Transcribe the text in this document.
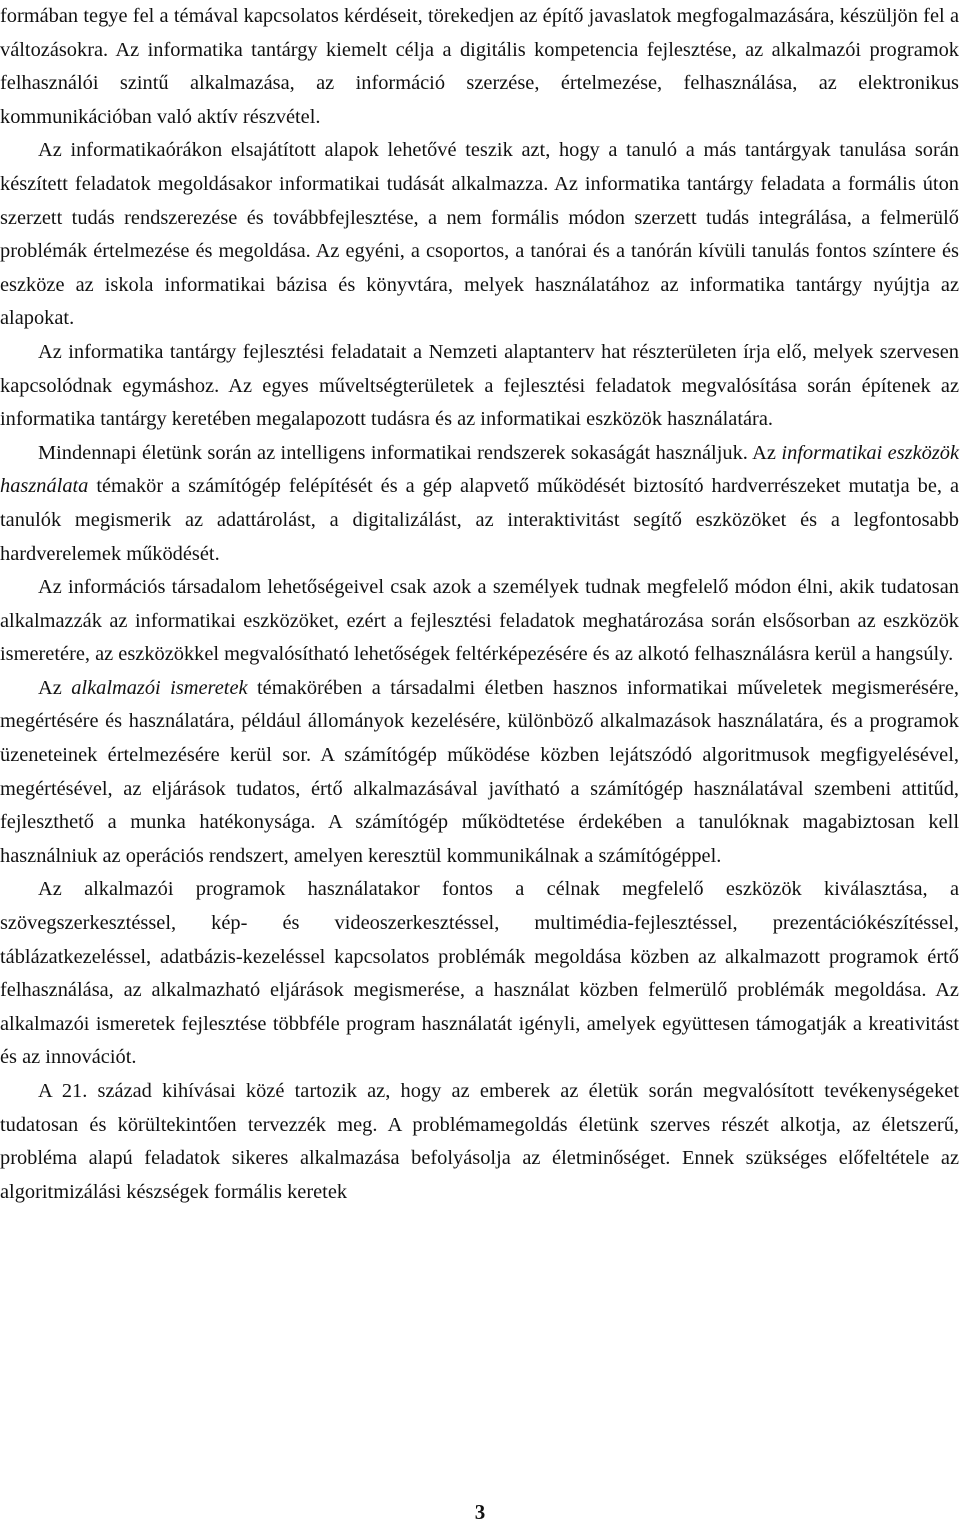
formában tegye fel a témával kapcsolatos kérdéseit, törekedjen az építő javaslatok megfogalmazására, készüljön fel a változásokra. Az informatika tantárgy kiemelt célja a digitális kompetencia fejlesztése, az alkalmazói programok felhasználói szintű alkalmazása, az információ szerzése, értelmezése, felhasználása, az elektronikus kommunikációban való aktív részvétel.

Az informatikaórákon elsajátított alapok lehetővé teszik azt, hogy a tanuló a más tantárgyak tanulása során készített feladatok megoldásakor informatikai tudását alkalmazza. Az informatika tantárgy feladata a formális úton szerzett tudás rendszerezése és továbbfejlesztése, a nem formális módon szerzett tudás integrálása, a felmerülő problémák értelmezése és megoldása. Az egyéni, a csoportos, a tanórai és a tanórán kívüli tanulás fontos színtere és eszköze az iskola informatikai bázisa és könyvtára, melyek használatához az informatika tantárgy nyújtja az alapokat.

Az informatika tantárgy fejlesztési feladatait a Nemzeti alaptanterv hat részterületen írja elő, melyek szervesen kapcsolódnak egymáshoz. Az egyes műveltségterületek a fejlesztési feladatok megvalósítása során építenek az informatika tantárgy keretében megalapozott tudásra és az informatikai eszközök használatára.

Mindennapi életünk során az intelligens informatikai rendszerek sokaságát használjuk. Az informatikai eszközök használata témakör a számítógép felépítését és a gép alapvető működését biztosító hardverrészeket mutatja be, a tanulók megismerik az adattárolást, a digitalizálást, az interaktivitást segítő eszközöket és a legfontosabb hardverelemek működését.

Az információs társadalom lehetőségeivel csak azok a személyek tudnak megfelelő módon élni, akik tudatosan alkalmazzák az informatikai eszközöket, ezért a fejlesztési feladatok meghatározása során elsősorban az eszközök ismeretére, az eszközökkel megvalósítható lehetőségek feltérképezésére és az alkotó felhasználásra kerül a hangsúly.

Az alkalmazói ismeretek témakörében a társadalmi életben hasznos informatikai műveletek megismerésére, megértésére és használatára, például állományok kezelésére, különböző alkalmazások használatára, és a programok üzeneteinek értelmezésére kerül sor. A számítógép működése közben lejátszódó algoritmusok megfigyelésével, megértésével, az eljárások tudatos, értő alkalmazásával javítható a számítógép használatával szembeni attitűd, fejleszthető a munka hatékonysága. A számítógép működtetése érdekében a tanulóknak magabiztosan kell használniuk az operációs rendszert, amelyen keresztül kommunikálnak a számítógéppel.

Az alkalmazói programok használatakor fontos a célnak megfelelő eszközök kiválasztása, a szövegszerkesztéssel, kép- és videoszerkesztéssel, multimédia-fejlesztéssel, prezentációkészítéssel, táblázatkezeléssel, adatbázis-kezeléssel kapcsolatos problémák megoldása közben az alkalmazott programok értő felhasználása, az alkalmazható eljárások megismerése, a használat közben felmerülő problémák megoldása. Az alkalmazói ismeretek fejlesztése többféle program használatát igényli, amelyek együttesen támogatják a kreativitást és az innovációt.

A 21. század kihívásai közé tartozik az, hogy az emberek az életük során megvalósított tevékenységeket tudatosan és körültekintően tervezzék meg. A problémamegoldás életünk szerves részét alkotja, az életszerű, probléma alapú feladatok sikeres alkalmazása befolyásolja az életminőséget. Ennek szükséges előfeltétele az algoritmizálási készségek formális keretek

3
